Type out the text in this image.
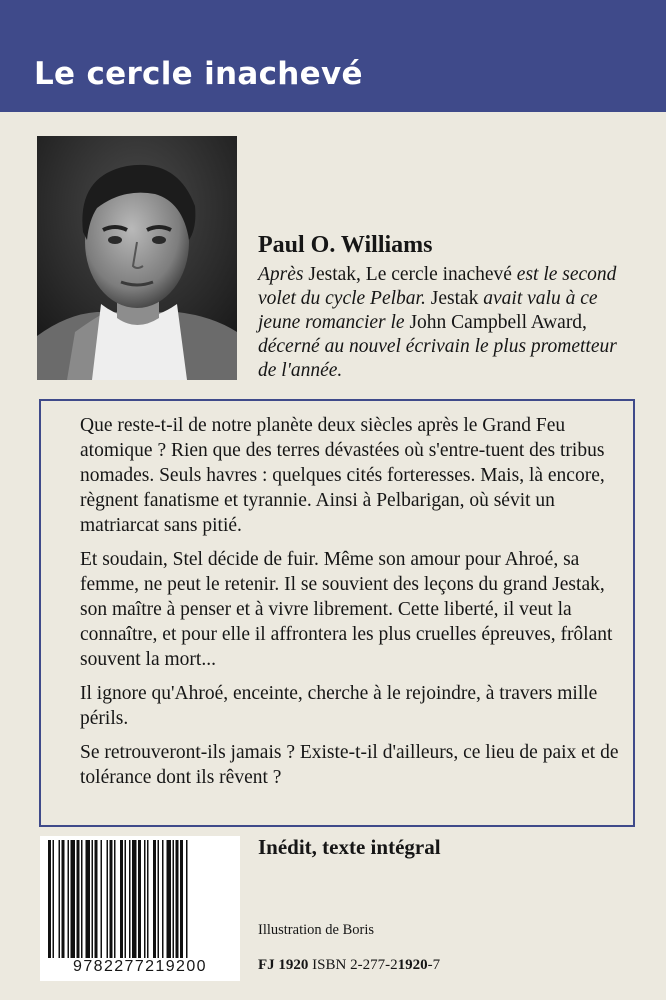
Le cercle inachevé
Paul O. Williams
Après Jestak, Le cercle inachevé est le second volet du cycle Pelbar. Jestak avait valu à ce jeune romancier le John Campbell Award, décerné au nouvel écrivain le plus prometteur de l'année.

Que reste-t-il de notre planète deux siècles après le Grand Feu atomique ? Rien que des terres dévastées où s'entre-tuent des tribus nomades. Seuls havres : quelques cités forteresses. Mais, là encore, règnent fanatisme et tyrannie. Ainsi à Pelbarigan, où sévit un matriarcat sans pitié.

Et soudain, Stel décide de fuir. Même son amour pour Ahroé, sa femme, ne peut le retenir. Il se souvient des leçons du grand Jestak, son maître à penser et à vivre librement. Cette liberté, il veut la connaître, et pour elle il affrontera les plus cruelles épreuves, frôlant souvent la mort...

Il ignore qu'Ahroé, enceinte, cherche à le rejoindre, à travers mille périls.

Se retrouveront-ils jamais ? Existe-t-il d'ailleurs, ce lieu de paix et de tolérance dont ils rêvent ?

9782277219200
Inédit, texte intégral
Illustration de Boris
FJ 1920 ISBN 2-277-21920-7
